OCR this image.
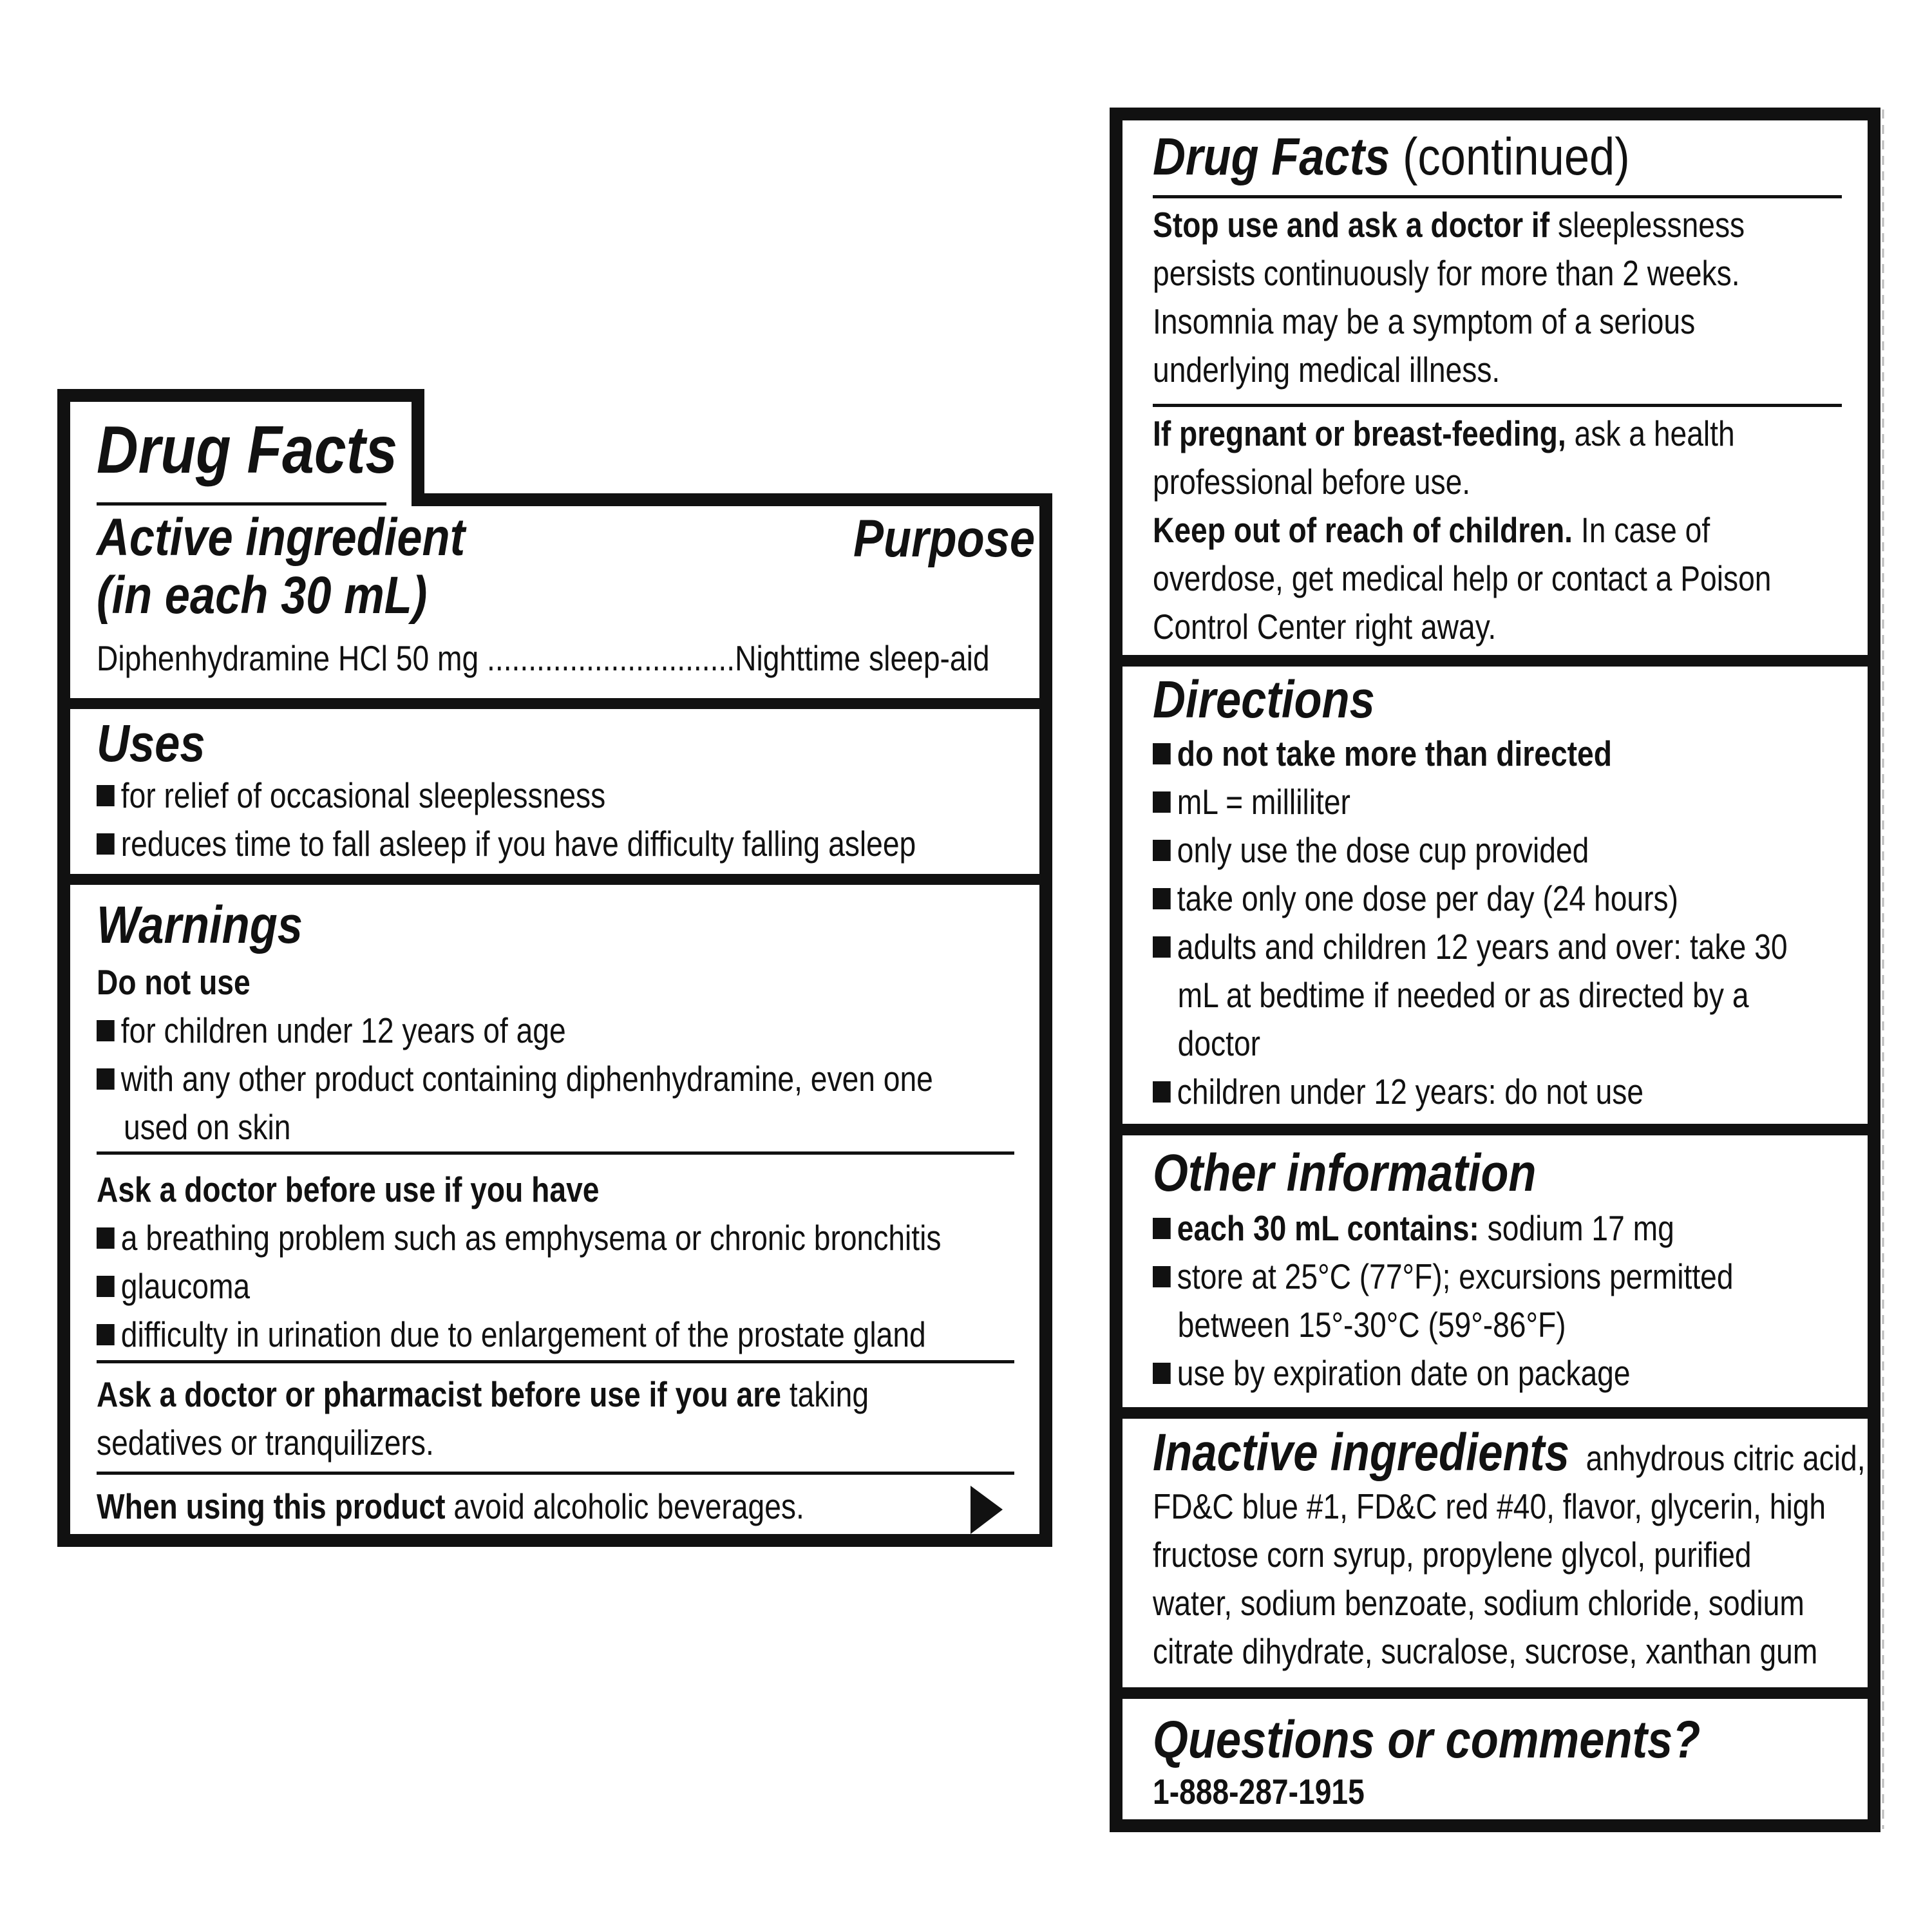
Drug Facts
Active ingredient
(in each 30 mL)
Purpose
Diphenhydramine HCl 50 mg ..............................Nighttime sleep-aid
Uses
for relief of occasional sleeplessness
reduces time to fall asleep if you have difficulty falling asleep
Warnings
Do not use
for children under 12 years of age
with any other product containing diphenhydramine, even one
used on skin
Ask a doctor before use if you have
a breathing problem such as emphysema or chronic bronchitis
glaucoma
difficulty in urination due to enlargement of the prostate gland
Ask a doctor or pharmacist before use if you are taking
sedatives or tranquilizers.
When using this product avoid alcoholic beverages.
Drug Facts (continued)
Stop use and ask a doctor if sleeplessness
persists continuously for more than 2 weeks.
Insomnia may be a symptom of a serious
underlying medical illness.
If pregnant or breast-feeding, ask a health
professional before use.
Keep out of reach of children. In case of
overdose, get medical help or contact a Poison
Control Center right away.
Directions
do not take more than directed
mL = milliliter
only use the dose cup provided
take only one dose per day (24 hours)
adults and children 12 years and over: take 30
mL at bedtime if needed or as directed by a
doctor
children under 12 years: do not use
Other information
each 30 mL contains: sodium 17 mg
store at 25°C (77°F); excursions permitted
between 15°-30°C (59°-86°F)
use by expiration date on package
Inactive ingredients anhydrous citric acid,
FD&C blue #1, FD&C red #40, flavor, glycerin, high
fructose corn syrup, propylene glycol, purified
water, sodium benzoate, sodium chloride, sodium
citrate dihydrate, sucralose, sucrose, xanthan gum
Questions or comments?
1-888-287-1915
